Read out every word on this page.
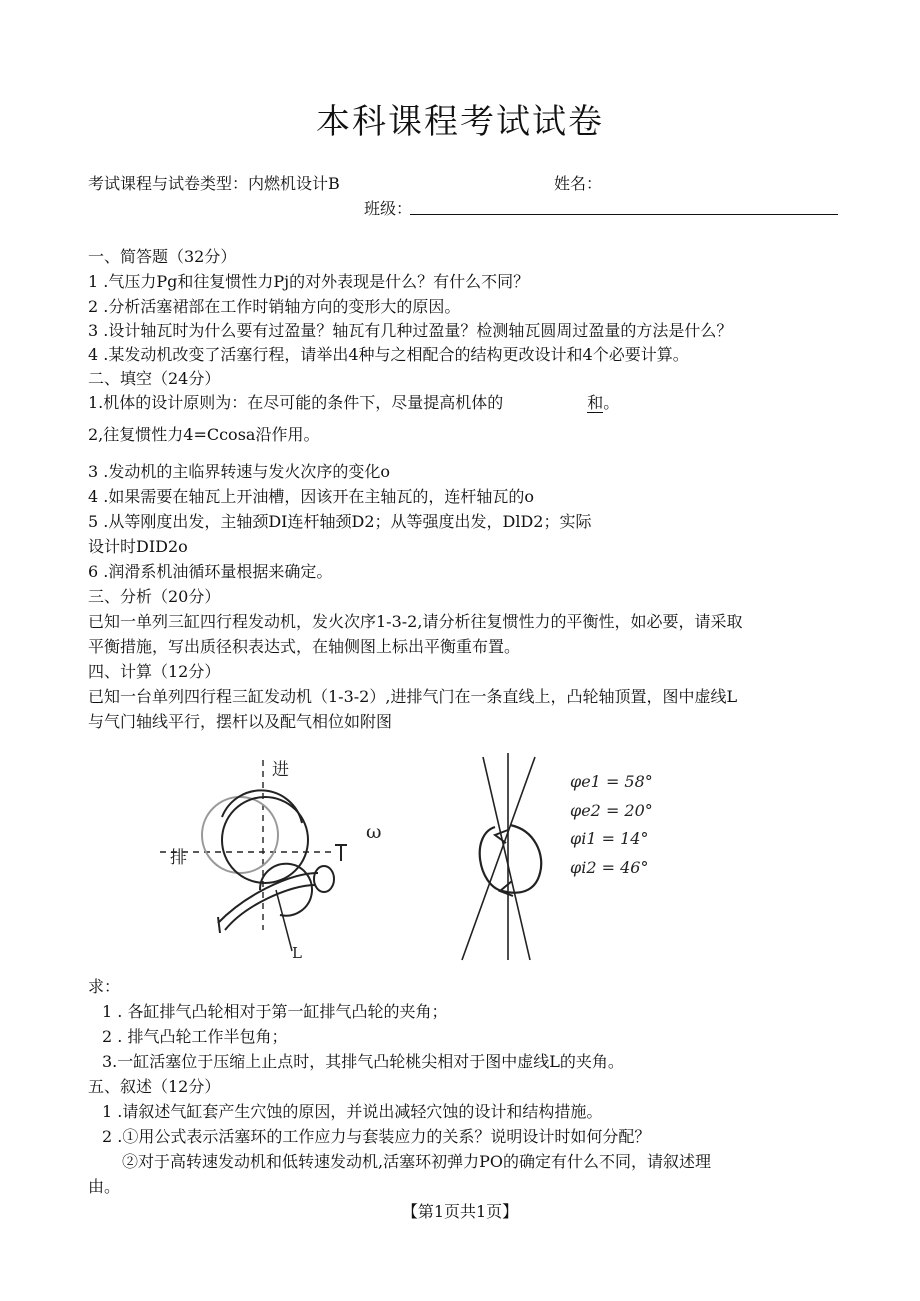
本科课程考试试卷
考试课程与试卷类型：内燃机设计B	姓名：
班级：
一、简答题（32分）
1 .气压力Pg和往复惯性力Pj的对外表现是什么？有什么不同？
2 .分析活塞裙部在工作时销轴方向的变形大的原因。
3 .设计轴瓦时为什么要有过盈量？轴瓦有几种过盈量？检测轴瓦圆周过盈量的方法是什么？
4 .某发动机改变了活塞行程，请举出4种与之相配合的结构更改设计和4个必要计算。
二、填空（24分）
1.机体的设计原则为：在尽可能的条件下，尽量提高机体的	和。
2,往复惯性力4=Ccosa沿作用。
3 .发动机的主临界转速与发火次序的变化o
4 .如果需要在轴瓦上开油槽，因该开在主轴瓦的，连杆轴瓦的o
5 .从等刚度出发，主轴颈DI连杆轴颈D2；从等强度出发，DlD2；实际
设计时DID2o
6 .润滑系机油循环量根据来确定。
三、分析（20分）
已知一单列三缸四行程发动机，发火次序1-3-2,请分析往复惯性力的平衡性，如必要，请采取
平衡措施，写出质径积表达式，在轴侧图上标出平衡重布置。
四、计算（12分）
已知一台单列四行程三缸发动机（1-3-2）,进排气门在一条直线上，凸轮轴顶置，图中虚线L
与气门轴线平行，摆杆以及配气相位如附图
进
排
L
ω
φe1 = 58°
φe2 = 20°
φi1 = 14°
φi2 = 46°
求：
1 . 各缸排气凸轮相对于第一缸排气凸轮的夹角；
2 . 排气凸轮工作半包角；
3.一缸活塞位于压缩上止点时，其排气凸轮桃尖相对于图中虚线L的夹角。
五、叙述（12分）
1 .请叙述气缸套产生穴蚀的原因，并说出减轻穴蚀的设计和结构措施。
2 .①用公式表示活塞环的工作应力与套装应力的关系？说明设计时如何分配？
②对于高转速发动机和低转速发动机,活塞环初弹力PO的确定有什么不同，请叙述理
由。
【第1页共1页】
